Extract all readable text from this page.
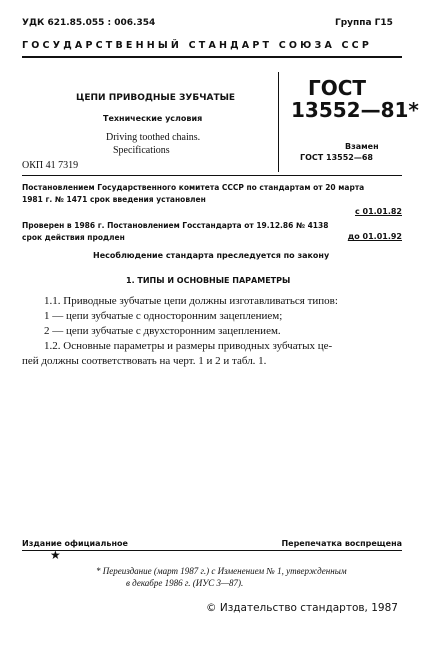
УДК 621.85.055 : 006.354	Группа Г15
ГОСУДАРСТВЕННЫЙ СТАНДАРТ СОЮЗА ССР
ЦЕПИ ПРИВОДНЫЕ ЗУБЧАТЫЕ
Технические условия
Driving toothed chains.
Specifications
ГОСТ
13552—81*
Взамен
ГОСТ 13552—68
ОКП 41 7319
Постановлением Государственного комитета СССР по стандартам от 20 марта
1981 г. № 1471 срок введения установлен
с 01.01.82
Проверен в 1986 г. Постановлением Госстандарта от 19.12.86 № 4138
срок действия продлен	до 01.01.92
Несоблюдение стандарта преследуется по закону
1. ТИПЫ И ОСНОВНЫЕ ПАРАМЕТРЫ
1.1. Приводные зубчатые цепи должны изготавливаться типов:
1 — цепи зубчатые с односторонним зацеплением;
2 — цепи зубчатые с двухсторонним зацеплением.
1.2. Основные параметры и размеры приводных зубчатых це-
пей должны соответствовать на черт. 1 и 2 и табл. 1.
Издание официальное	Перепечатка воспрещена
★
* Переиздание (март 1987 г.) с Изменением № 1, утвержденным
в декабре 1986 г. (ИУС 3—87).
© Издательство стандартов, 1987
